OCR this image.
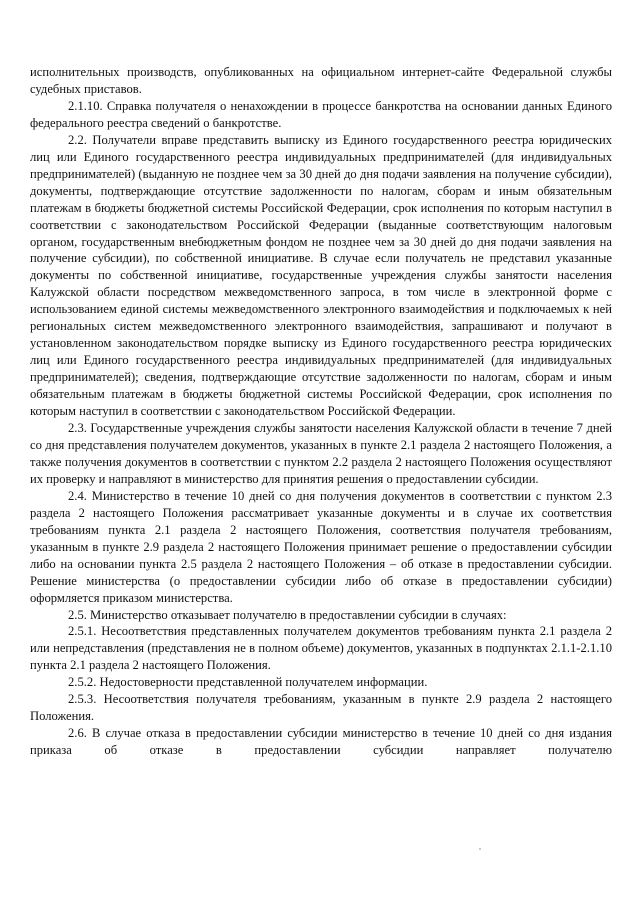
исполнительных производств, опубликованных на официальном интернет-сайте Федеральной службы судебных приставов.

2.1.10. Справка получателя о ненахождении в процессе банкротства на основании данных Единого федерального реестра сведений о банкротстве.

2.2. Получатели вправе представить выписку из Единого государственного реестра юридических лиц или Единого государственного реестра индивидуальных предпринимателей (для индивидуальных предпринимателей) (выданную не позднее чем за 30 дней до дня подачи заявления на получение субсидии), документы, подтверждающие отсутствие задолженности по налогам, сборам и иным обязательным платежам в бюджеты бюджетной системы Российской Федерации, срок исполнения по которым наступил в соответствии с законодательством Российской Федерации (выданные соответствующим налоговым органом, государственным внебюджетным фондом не позднее чем за 30 дней до дня подачи заявления на получение субсидии), по собственной инициативе. В случае если получатель не представил указанные документы по собственной инициативе, государственные учреждения службы занятости населения Калужской области посредством межведомственного запроса, в том числе в электронной форме с использованием единой системы межведомственного электронного взаимодействия и подключаемых к ней региональных систем межведомственного электронного взаимодействия, запрашивают и получают в установленном законодательством порядке выписку из Единого государственного реестра юридических лиц или Единого государственного реестра индивидуальных предпринимателей (для индивидуальных предпринимателей); сведения, подтверждающие отсутствие задолженности по налогам, сборам и иным обязательным платежам в бюджеты бюджетной системы Российской Федерации, срок исполнения по которым наступил в соответствии с законодательством Российской Федерации.

2.3. Государственные учреждения службы занятости населения Калужской области в течение 7 дней со дня представления получателем документов, указанных в пункте 2.1 раздела 2 настоящего Положения, а также получения документов в соответствии с пунктом 2.2 раздела 2 настоящего Положения осуществляют их проверку и направляют в министерство для принятия решения о предоставлении субсидии.

2.4. Министерство в течение 10 дней со дня получения документов в соответствии с пунктом 2.3 раздела 2 настоящего Положения рассматривает указанные документы и в случае их соответствия требованиям пункта 2.1 раздела 2 настоящего Положения, соответствия получателя требованиям, указанным в пункте 2.9 раздела 2 настоящего Положения принимает решение о предоставлении субсидии либо на основании пункта 2.5 раздела 2 настоящего Положения – об отказе в предоставлении субсидии. Решение министерства (о предоставлении субсидии либо об отказе в предоставлении субсидии) оформляется приказом министерства.

2.5. Министерство отказывает получателю в предоставлении субсидии в случаях:

2.5.1. Несоответствия представленных получателем документов требованиям пункта 2.1 раздела 2 или непредставления (представления не в полном объеме) документов, указанных в подпунктах 2.1.1-2.1.10 пункта 2.1 раздела 2 настоящего Положения.

2.5.2. Недостоверности представленной получателем информации.

2.5.3. Несоответствия получателя требованиям, указанным в пункте 2.9 раздела 2 настоящего Положения.

2.6. В случае отказа в предоставлении субсидии министерство в течение 10 дней со дня издания приказа об отказе в предоставлении субсидии направляет получателю
